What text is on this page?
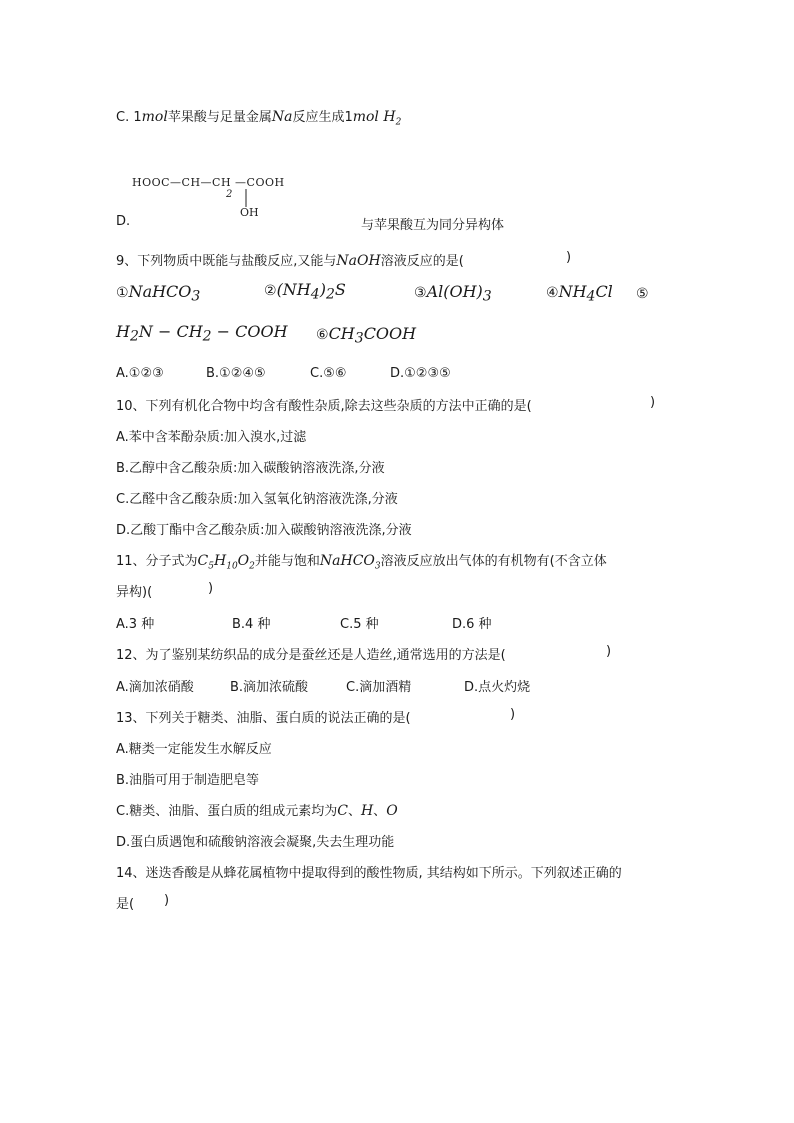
C. 1mol苹果酸与足量金属Na反应生成1mol $H_2$
HOOC—CH—CH —COOH
2
OH
D.	与苹果酸互为同分异构体
9、下列物质中既能与盐酸反应,又能与NaOH溶液反应的是(	)
①NaHCO$_3$	$②(NH_4)_2S$	$③Al(OH)_3$	$④NH_4Cl$ ⑤
$H_2N - CH_2$ − COOH $⑥CH_3COOH$
A.①②③	B.①②④⑤	C.⑤⑥	D.①②③⑤
10、下列有机化合物中均含有酸性杂质,除去这些杂质的方法中正确的是(	)
A.苯中含苯酚杂质:加入溴水,过滤
B.乙醇中含乙酸杂质:加入碳酸钠溶液洗涤,分液
C.乙醛中含乙酸杂质:加入氢氧化钠溶液洗涤,分液
D.乙酸丁酯中含乙酸杂质:加入碳酸钠溶液洗涤,分液
11、分子式为$C_5H_{10}O_2$并能与饱和NaHCO$_3$溶液反应放出气体的有机物有(不含立体
异构)(	)
A.3 种	B.4 种	C.5 种	D.6 种
12、为了鉴别某纺织品的成分是蚕丝还是人造丝,通常选用的方法是(	)
A.滴加浓硝酸	B.滴加浓硫酸	C.滴加酒精	D.点火灼烧
13、下列关于糖类、油脂、蛋白质的说法正确的是(	)
A.糖类一定能发生水解反应
B.油脂可用于制造肥皂等
C.糖类、油脂、蛋白质的组成元素均为C、H、O
D.蛋白质遇饱和硫酸钠溶液会凝聚,失去生理功能
14、迷迭香酸是从蜂花属植物中提取得到的酸性物质, 其结构如下所示。下列叙述正确的
是( )
